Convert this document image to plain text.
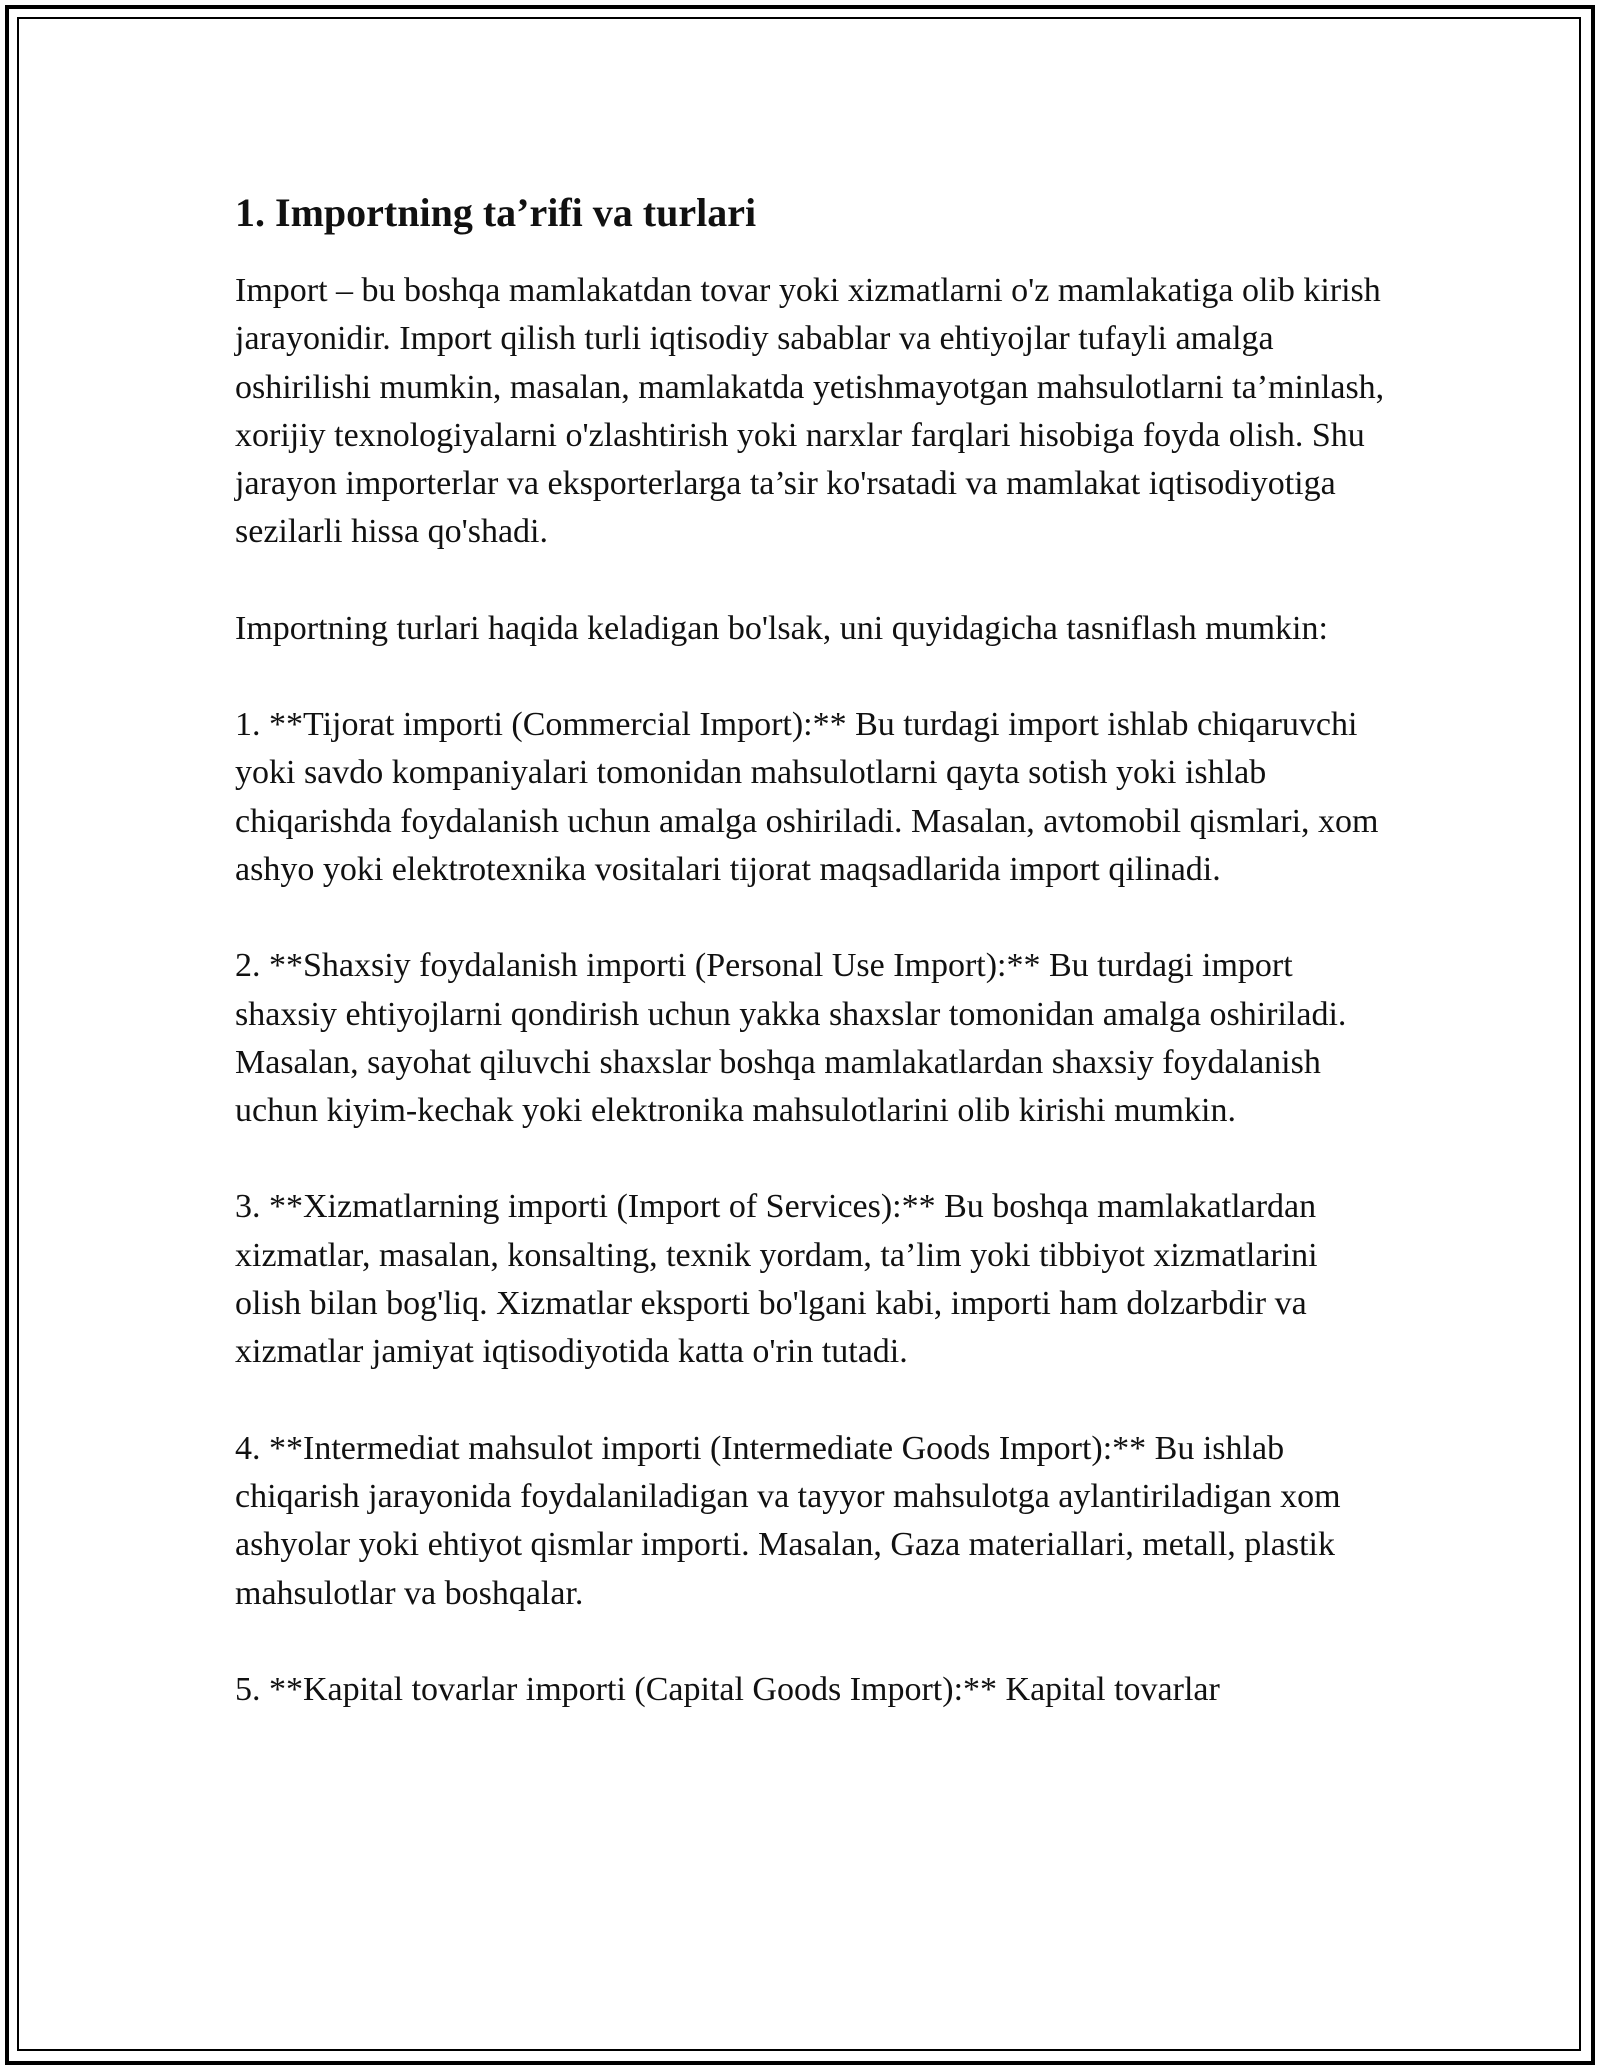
1. Importning ta’rifi va turlari

Import – bu boshqa mamlakatdan tovar yoki xizmatlarni o'z mamlakatiga olib kirish jarayonidir. Import qilish turli iqtisodiy sabablar va ehtiyojlar tufayli amalga oshirilishi mumkin, masalan, mamlakatda yetishmayotgan mahsulotlarni ta’minlash, xorijiy texnologiyalarni o'zlashtirish yoki narxlar farqlari hisobiga foyda olish. Shu jarayon importerlar va eksporterlarga ta’sir ko'rsatadi va mamlakat iqtisodiyotiga sezilarli hissa qo'shadi.

Importning turlari haqida keladigan bo'lsak, uni quyidagicha tasniflash mumkin:

1. **Tijorat importi (Commercial Import):** Bu turdagi import ishlab chiqaruvchi yoki savdo kompaniyalari tomonidan mahsulotlarni qayta sotish yoki ishlab chiqarishda foydalanish uchun amalga oshiriladi. Masalan, avtomobil qismlari, xom ashyo yoki elektrotexnika vositalari tijorat maqsadlarida import qilinadi.

2. **Shaxsiy foydalanish importi (Personal Use Import):** Bu turdagi import shaxsiy ehtiyojlarni qondirish uchun yakka shaxslar tomonidan amalga oshiriladi. Masalan, sayohat qiluvchi shaxslar boshqa mamlakatlardan shaxsiy foydalanish uchun kiyim-kechak yoki elektronika mahsulotlarini olib kirishi mumkin.

3. **Xizmatlarning importi (Import of Services):** Bu boshqa mamlakatlardan xizmatlar, masalan, konsalting, texnik yordam, ta’lim yoki tibbiyot xizmatlarini olish bilan bog'liq. Xizmatlar eksporti bo'lgani kabi, importi ham dolzarbdir va xizmatlar jamiyat iqtisodiyotida katta o'rin tutadi.

4. **Intermediat mahsulot importi (Intermediate Goods Import):** Bu ishlab chiqarish jarayonida foydalaniladigan va tayyor mahsulotga aylantiriladigan xom ashyolar yoki ehtiyot qismlar importi. Masalan, Gaza materiallari, metall, plastik mahsulotlar va boshqalar.

5. **Kapital tovarlar importi (Capital Goods Import):** Kapital tovarlar
